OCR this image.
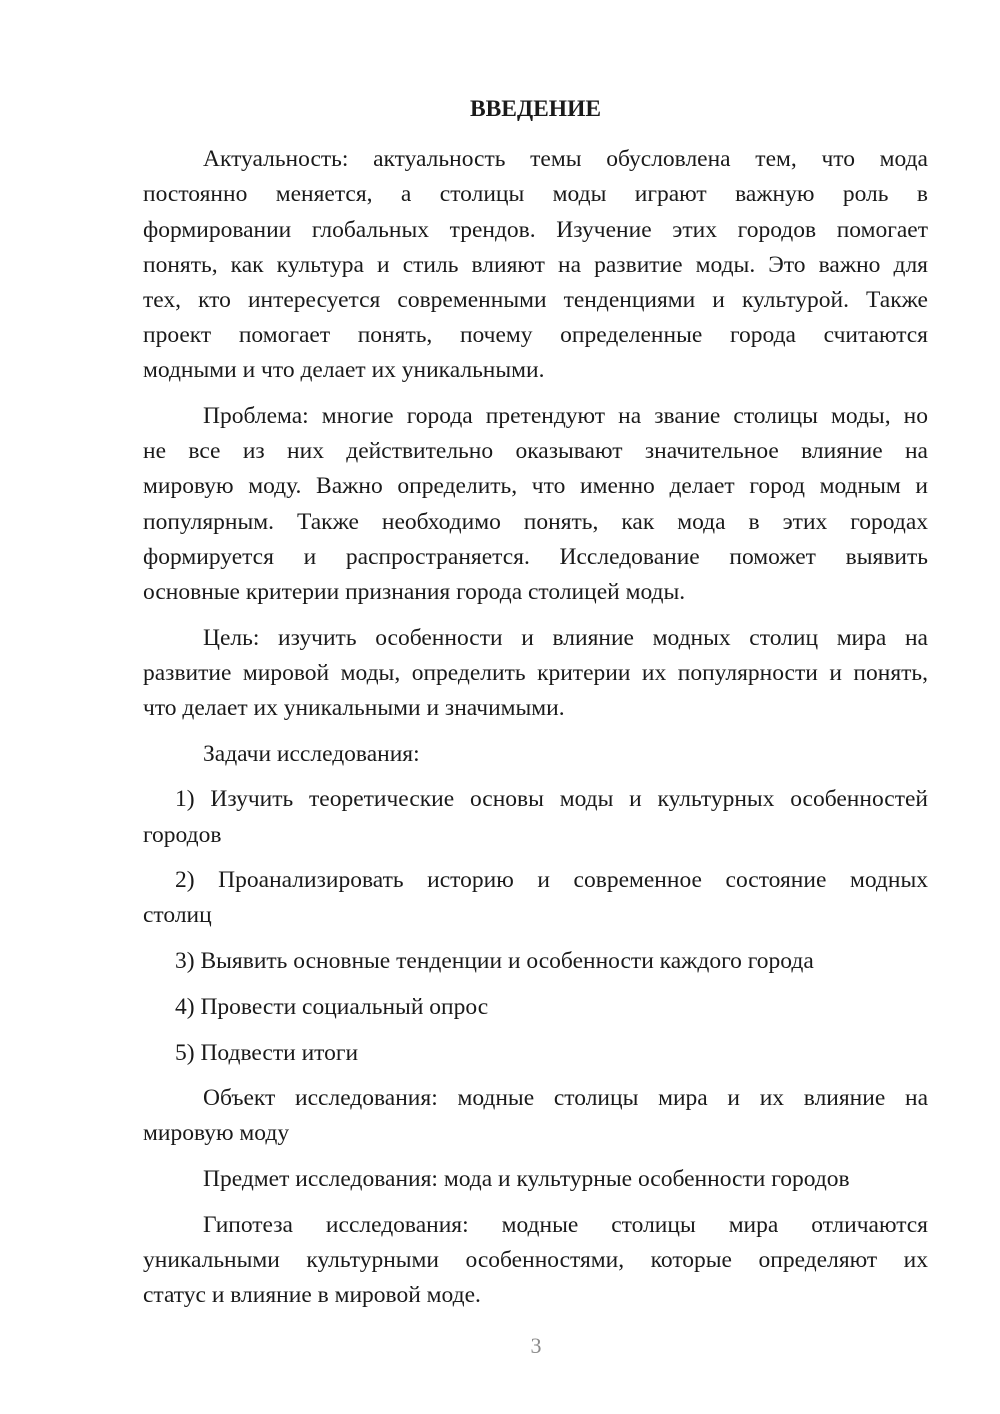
ВВЕДЕНИЕ
Актуальность: актуальность темы обусловлена тем, что мода
постоянно меняется, а столицы моды играют важную роль в
формировании глобальных трендов. Изучение этих городов помогает
понять, как культура и стиль влияют на развитие моды. Это важно для
тех, кто интересуется современными тенденциями и культурой. Также
проект помогает понять, почему определенные города считаются
модными и что делает их уникальными.
Проблема: многие города претендуют на звание столицы моды, но
не все из них действительно оказывают значительное влияние на
мировую моду. Важно определить, что именно делает город модным и
популярным. Также необходимо понять, как мода в этих городах
формируется и распространяется. Исследование поможет выявить
основные критерии признания города столицей моды.
Цель: изучить особенности и влияние модных столиц мира на
развитие мировой моды, определить критерии их популярности и понять,
что делает их уникальными и значимыми.
Задачи исследования:
1) Изучить теоретические основы моды и культурных особенностей
городов
2) Проанализировать историю и современное состояние модных
столиц
3) Выявить основные тенденции и особенности каждого города
4) Провести социальный опрос
5) Подвести итоги
Объект исследования: модные столицы мира и их влияние на
мировую моду
Предмет исследования: мода и культурные особенности городов
Гипотеза исследования: модные столицы мира отличаются
уникальными культурными особенностями, которые определяют их
статус и влияние в мировой моде.
3
